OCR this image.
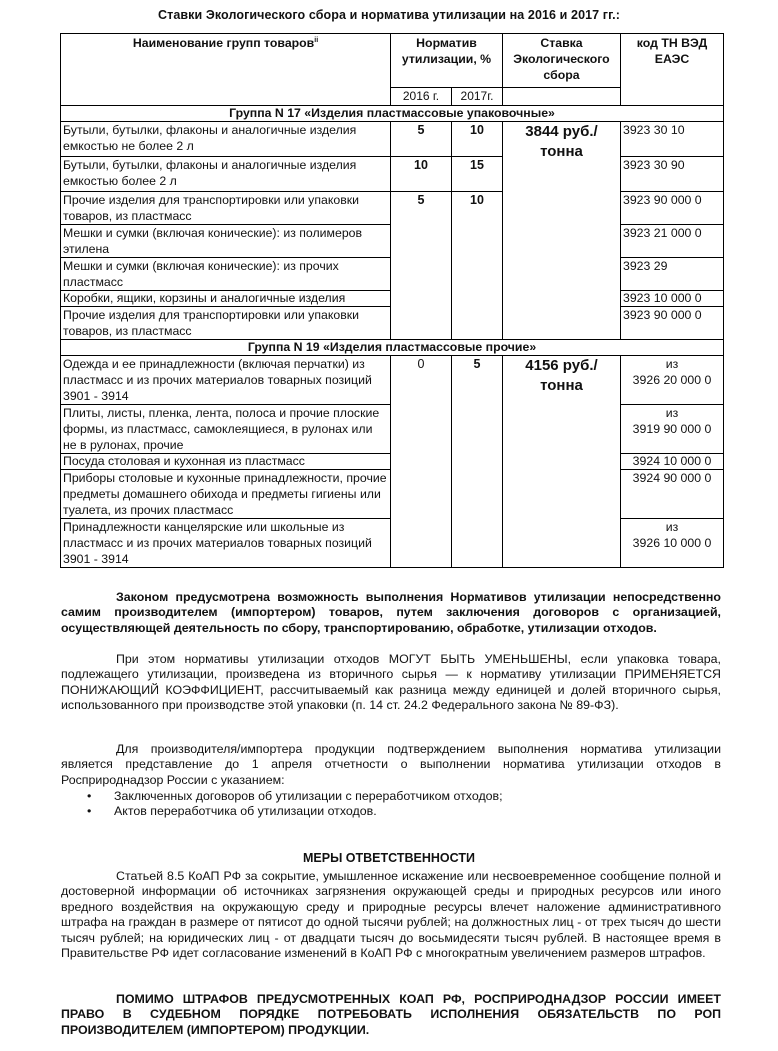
Ставки Экологического сбора и норматива утилизации на 2016 и 2017 гг.:
Наименование групп товаров$^{ii}$	Норматив утилизации, %		Ставка Экологического сбора	код ТН ВЭД ЕАЭС
	2016 г.	2017г.		
Группа N 17 «Изделия пластмассовые упаковочные»				
Бутыли, бутылки, флаконы и аналогичные изделия емкостью не более 2 л	5	10	3844 руб./ тонна	3923 30 10
Бутыли, бутылки, флаконы и аналогичные изделия емкостью более 2 л	10	15		3923 30 90
Прочие изделия для транспортировки или упаковки товаров, из пластмасс	5	10		3923 90 000 0
Мешки и сумки (включая конические): из полимеров этилена				3923 21 000 0
Мешки и сумки (включая конические): из прочих пластмасс				3923 29
Коробки, ящики, корзины и аналогичные изделия				3923 10 000 0
Прочие изделия для транспортировки или упаковки товаров, из пластмасс				3923 90 000 0
Группа N 19 «Изделия пластмассовые прочие»				
Одежда и ее принадлежности (включая перчатки) из пластмасс и из прочих материалов товарных позиций 3901 - 3914	0	5	4156 руб./ тонна	из
3926 20 000 0

Плиты, листы, пленка, лента, полоса и прочие плоские формы, из пластмасс, самоклеящиеся, в рулонах или не в рулонах, прочие				из
3919 90 000 0

Посуда столовая и кухонная из пластмасс				3924 10 000 0
Приборы столовые и кухонные принадлежности, прочие предметы домашнего обихода и предметы гигиены или туалета, из прочих пластмасс				3924 90 000 0
Принадлежности канцелярские или школьные из пластмасс и из прочих материалов товарных позиций 3901 - 3914				из
3926 10 000 0
Законом предусмотрена возможность выполнения Нормативов утилизации непосредственно самим производителем (импортером) товаров, путем заключения договоров с организацией, осуществляющей деятельность по сбору, транспортированию, обработке, утилизации отходов.
При этом нормативы утилизации отходов МОГУТ БЫТЬ УМЕНЬШЕНЫ, если упаковка товара, подлежащего утилизации, произведена из вторичного сырья — к нормативу утилизации ПРИМЕНЯЕТСЯ ПОНИЖАЮЩИЙ КОЭФФИЦИЕНТ, рассчитываемый как разница между единицей и долей вторичного сырья, использованного при производстве этой упаковки (п. 14 ст. 24.2 Федерального закона № 89-ФЗ).
Для производителя/импортера продукции подтверждением выполнения норматива утилизации является представление до 1 апреля отчетности о выполнении норматива утилизации отходов в Росприроднадзор России с указанием:
• Заключенных договоров об утилизации с переработчиком отходов;
• Актов переработчика об утилизации отходов.
МЕРЫ ОТВЕТСТВЕННОСТИ
Статьей 8.5 КоАП РФ за сокрытие, умышленное искажение или несвоевременное сообщение полной и достоверной информации об источниках загрязнения окружающей среды и природных ресурсов или иного вредного воздействия на окружающую среду и природные ресурсы влечет наложение административного штрафа на граждан в размере от пятисот до одной тысячи рублей; на должностных лиц - от трех тысяч до шести тысяч рублей; на юридических лиц - от двадцати тысяч до восьмидесяти тысяч рублей. В настоящее время в Правительстве РФ идет согласование изменений в КоАП РФ с многократным увеличением размеров штрафов.
ПОМИМО ШТРАФОВ ПРЕДУСМОТРЕННЫХ КОАП РФ, РОСПРИРОДНАДЗОР РОССИИ ИМЕЕТ ПРАВО В СУДЕБНОМ ПОРЯДКЕ ПОТРЕБОВАТЬ ИСПОЛНЕНИЯ ОБЯЗАТЕЛЬСТВ ПО РОП ПРОИЗВОДИТЕЛЕМ (ИМПОРТЕРОМ) ПРОДУКЦИИ.
